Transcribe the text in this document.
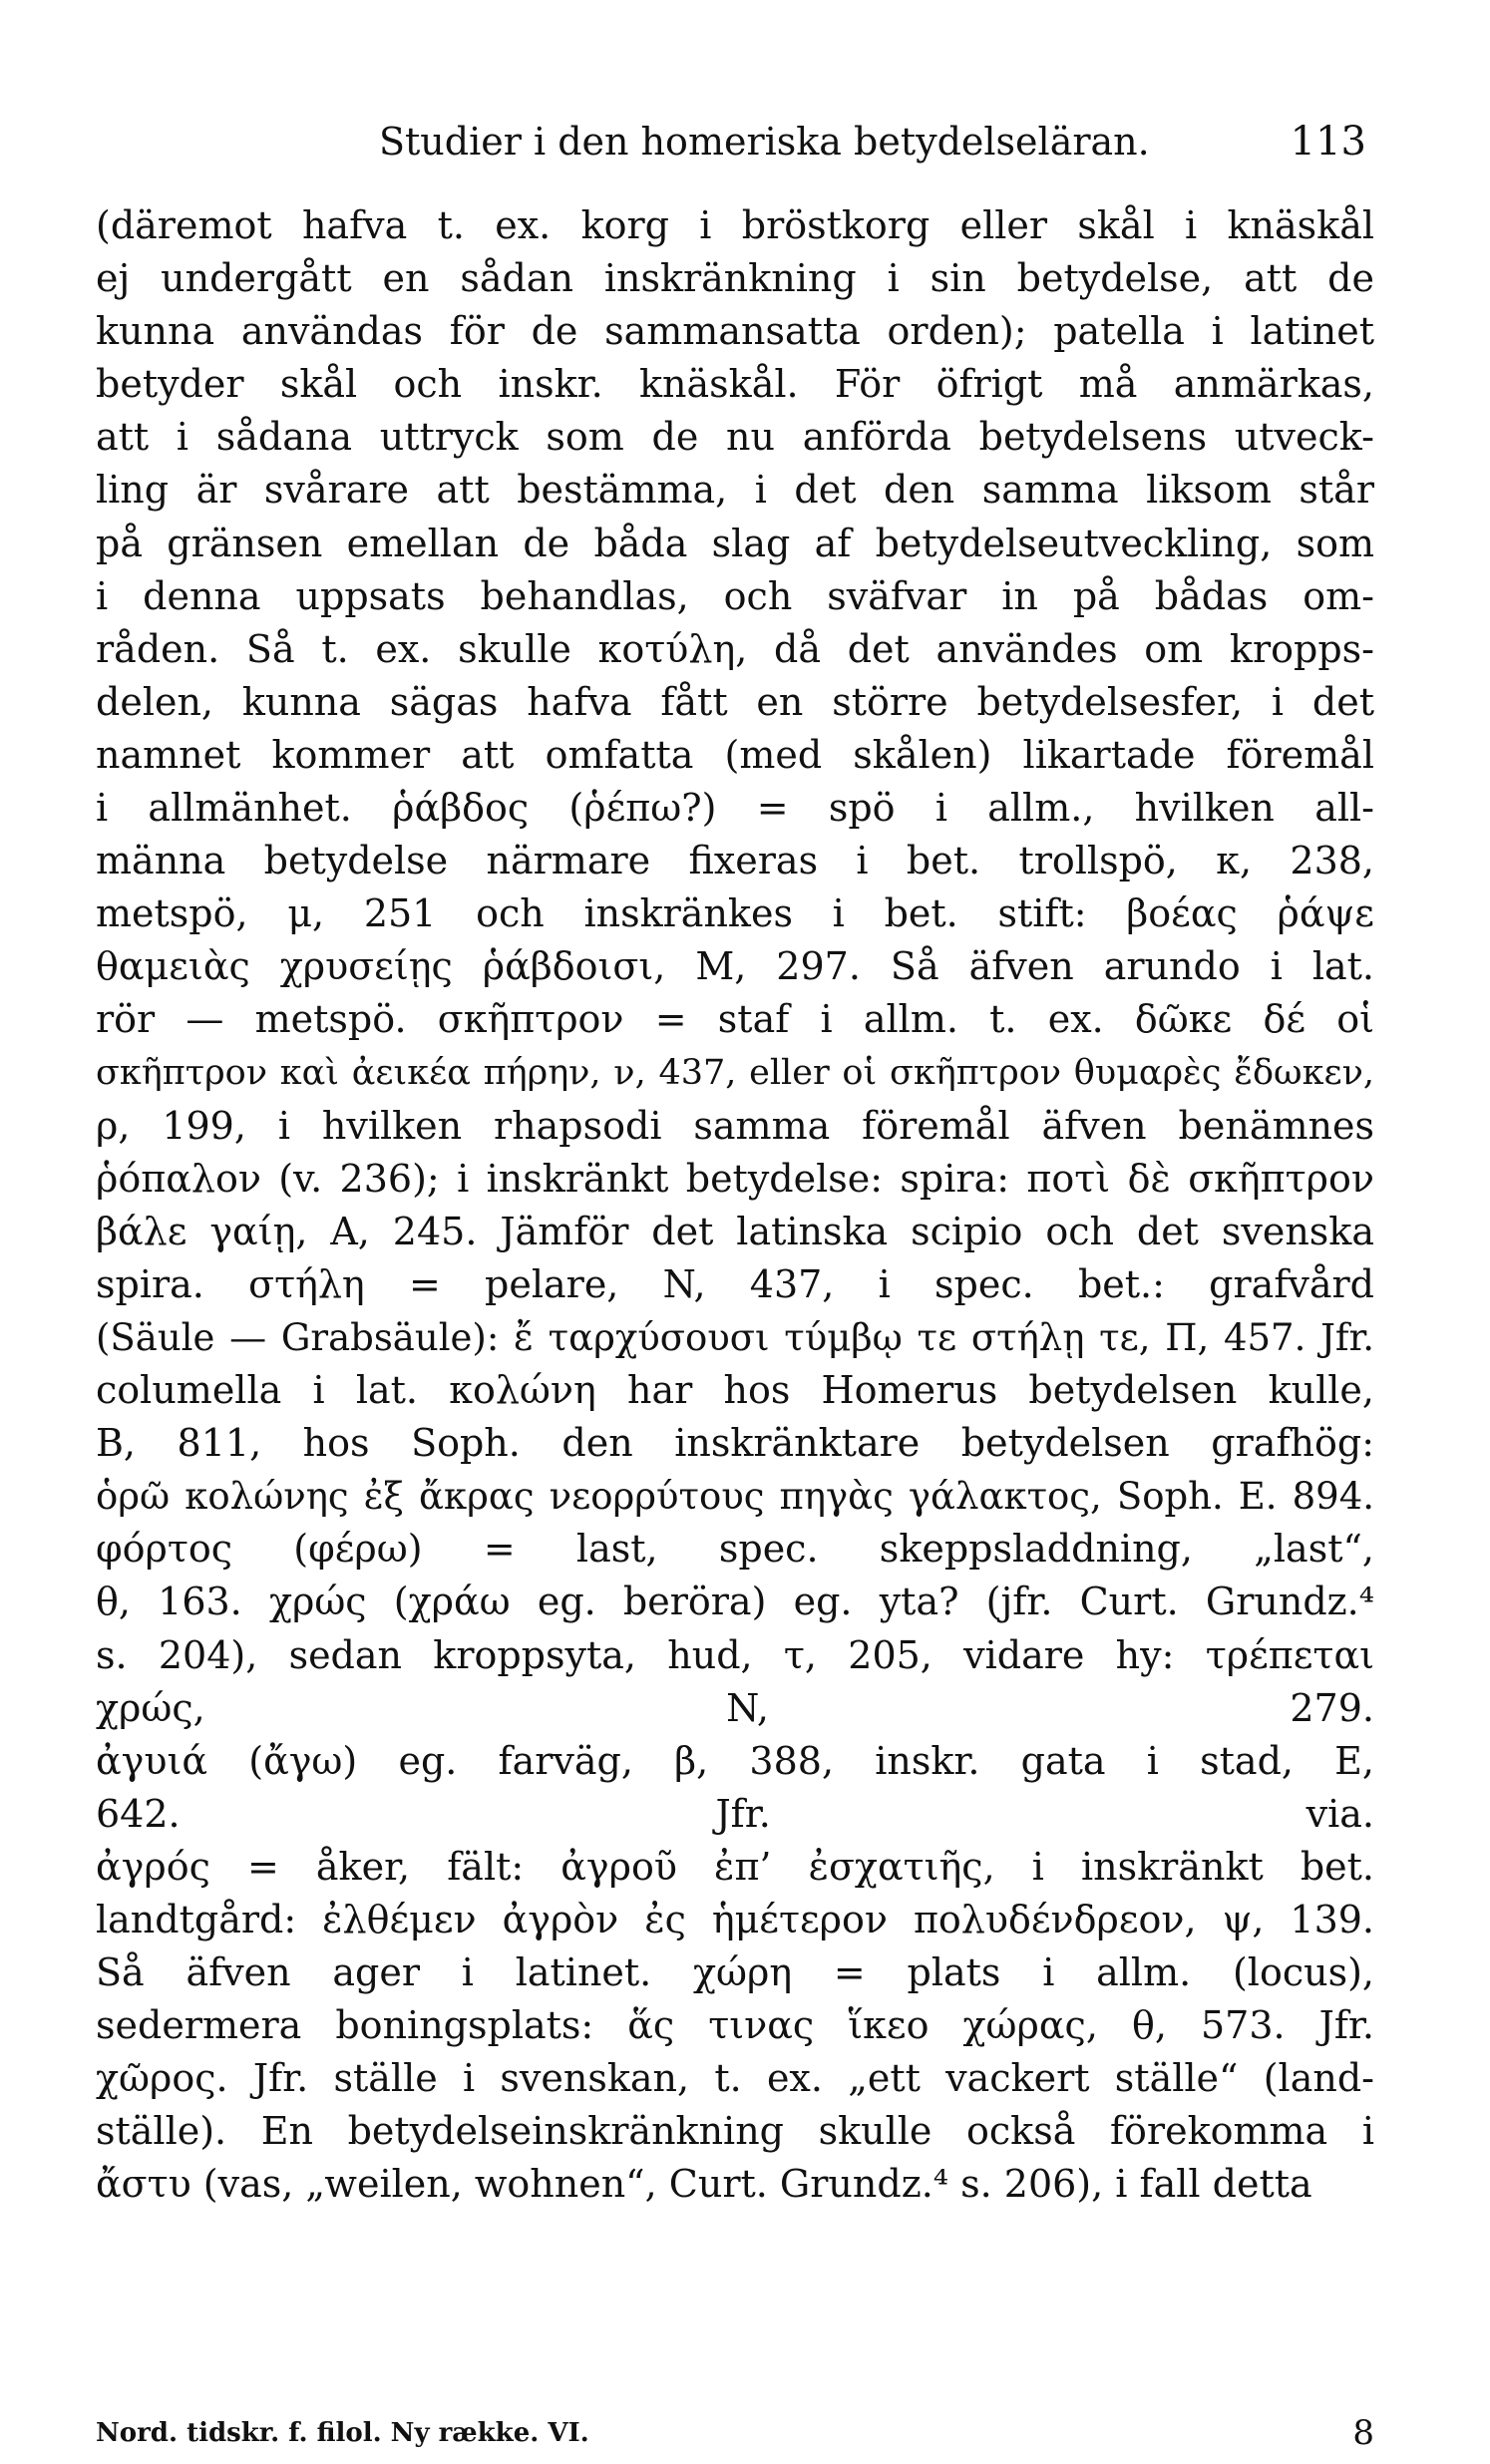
Studier i den homeriska betydelseläran.	113
(däremot hafva t. ex. korg i bröstkorg eller skål i knäskål
ej undergått en sådan inskränkning i sin betydelse, att de
kunna användas för de sammansatta orden); patella i latinet
betyder skål och inskr. knäskål. För öfrigt må anmärkas,
att i sådana uttryck som de nu anförda betydelsens utveck-
ling är svårare att bestämma, i det den samma liksom står
på gränsen emellan de båda slag af betydelseutveckling, som
i denna uppsats behandlas, och sväfvar in på bådas om-
råden. Så t. ex. skulle κοτύλη, då det användes om kropps-
delen, kunna sägas hafva fått en större betydelsesfer, i det
namnet kommer att omfatta (med skålen) likartade föremål
i allmänhet. ῥάβδος (ῥέπω?) = spö i allm., hvilken all-
männa betydelse närmare fixeras i bet. trollspö, κ, 238,
metspö, μ, 251 och inskränkes i bet. stift: βοέας ῥάψε
θαμειὰς χρυσείῃς ῥάβδοισι, M, 297. Så äfven arundo i lat.
rör — metspö. σκῆπτρον = staf i allm. t. ex. δῶκε δέ οἱ
σκῆπτρον καὶ ἀεικέα πήρην, ν, 437, eller οἱ σκῆπτρον θυμαρὲς ἔδωκεν,
ρ, 199, i hvilken rhapsodi samma föremål äfven benämnes
ῥόπαλον (v. 236); i inskränkt betydelse: spira: ποτὶ δὲ σκῆπτρον
βάλε γαίῃ, A, 245. Jämför det latinska scipio och det svenska
spira. στήλη = pelare, N, 437, i spec. bet.: grafvård
(Säule — Grabsäule): ἔ ταρχύσουσι τύμβῳ τε στήλῃ τε, Π, 457. Jfr.
columella i lat. κολώνη har hos Homerus betydelsen kulle,
B, 811, hos Soph. den inskränktare betydelsen grafhög:
ὁρῶ κολώνης ἐξ ἄκρας νεορρύτους πηγὰς γάλακτος, Soph. E. 894.
φόρτος (φέρω) = last, spec. skeppsladdning, „last“,
θ, 163. χρώς (χράω eg. beröra) eg. yta? (jfr. Curt. Grundz.⁴
s. 204), sedan kroppsyta, hud, τ, 205, vidare hy: τρέπεται
χρώς, N, 279.
ἀγυιά (ἄγω) eg. farväg, β, 388, inskr. gata i stad, E,
642. Jfr. via.
ἀγρός = åker, fält: ἀγροῦ ἐπ’ ἐσχατιῆς, i inskränkt bet.
landtgård: ἐλθέμεν ἀγρὸν ἐς ἡμέτερον πολυδένδρεον, ψ, 139.
Så äfven ager i latinet. χώρη = plats i allm. (locus),
sedermera boningsplats: ἅς τινας ἵκεο χώρας, θ, 573. Jfr.
χῶρος. Jfr. ställe i svenskan, t. ex. „ett vackert ställe“ (land-
ställe). En betydelseinskränkning skulle också förekomma i
ἄστυ (vas, „weilen, wohnen“, Curt. Grundz.⁴ s. 206), i fall detta
Nord. tidskr. f. filol. Ny række. VI.	8
